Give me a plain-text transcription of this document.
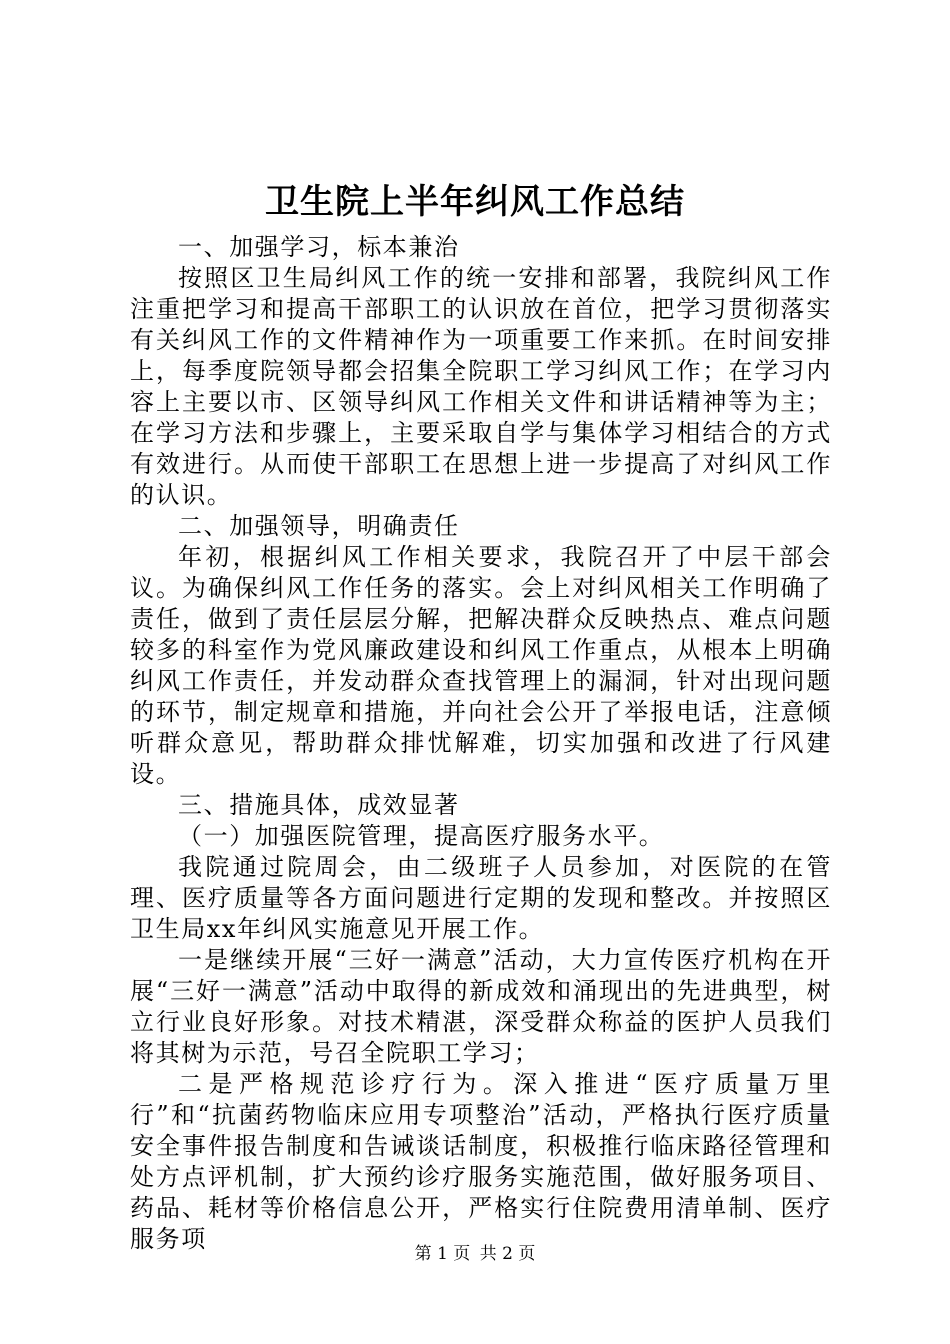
卫生院上半年纠风工作总结

一、加强学习，标本兼治

按照区卫生局纠风工作的统一安排和部署，我院纠风工作注重把学习和提高干部职工的认识放在首位，把学习贯彻落实有关纠风工作的文件精神作为一项重要工作来抓。在时间安排上，每季度院领导都会招集全院职工学习纠风工作；在学习内容上主要以市、区领导纠风工作相关文件和讲话精神等为主；在学习方法和步骤上，主要采取自学与集体学习相结合的方式有效进行。从而使干部职工在思想上进一步提高了对纠风工作的认识。

二、加强领导，明确责任

年初，根据纠风工作相关要求，我院召开了中层干部会议。为确保纠风工作任务的落实。会上对纠风相关工作明确了责任，做到了责任层层分解，把解决群众反映热点、难点问题较多的科室作为党风廉政建设和纠风工作重点，从根本上明确纠风工作责任，并发动群众查找管理上的漏洞，针对出现问题的环节，制定规章和措施，并向社会公开了举报电话，注意倾听群众意见，帮助群众排忧解难，切实加强和改进了行风建设。

三、措施具体，成效显著

（一）加强医院管理，提高医疗服务水平。

我院通过院周会，由二级班子人员参加，对医院的在管理、医疗质量等各方面问题进行定期的发现和整改。并按照区卫生局xx年纠风实施意见开展工作。

一是继续开展“三好一满意”活动，大力宣传医疗机构在开展“三好一满意”活动中取得的新成效和涌现出的先进典型，树立行业良好形象。对技术精湛，深受群众称益的医护人员我们将其树为示范，号召全院职工学习；

二是严格规范诊疗行为。深入推进“医疗质量万里行”和“抗菌药物临床应用专项整治”活动，严格执行医疗质量安全事件报告制度和告诫谈话制度，积极推行临床路径管理和处方点评机制，扩大预约诊疗服务实施范围，做好服务项目、药品、耗材等价格信息公开，严格实行住院费用清单制、医疗服务项

第 1 页 共 2 页
